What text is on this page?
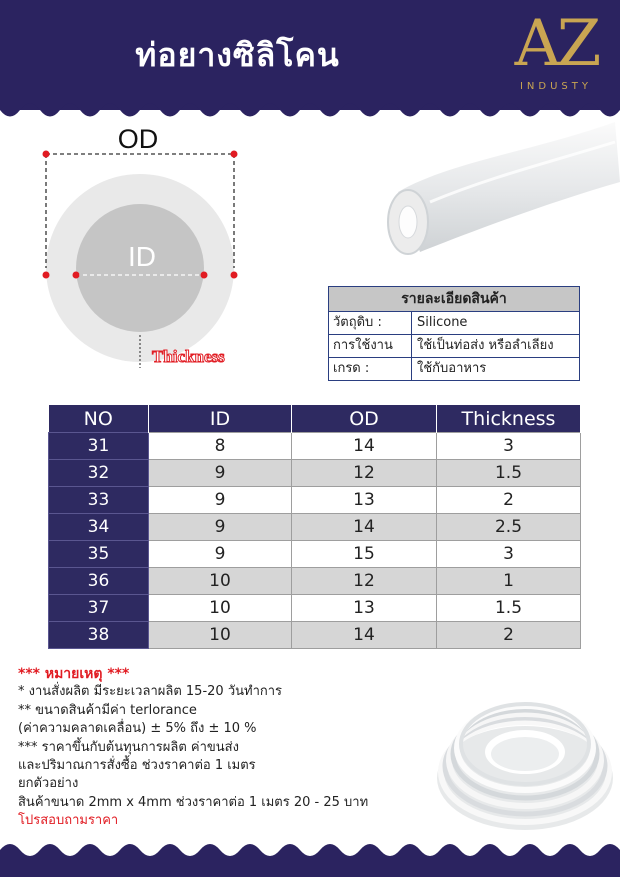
ท่อยางซิลิโคน	AZ
INDUSTY
OD
ID
Thickness
รายละเอียดสินค้า
วัตถุดิบ :	Silicone
การใช้งาน	ใช้เป็นท่อส่ง หรือลำเลียง
เกรด :	ใช้กับอาหาร
NO	ID	OD	Thickness
31	8	14	3
32	9	12	1.5
33	9	13	2
34	9	14	2.5
35	9	15	3
36	10	12	1
37	10	13	1.5
38	10	14	2
*** หมายเหตุ ***
* งานสั่งผลิต มีระยะเวลาผลิต 15-20 วันทำการ
** ขนาดสินค้ามีค่า terlorance
(ค่าความคลาดเคลื่อน) ± 5% ถึง ± 10 %
*** ราคาขึ้นกับต้นทุนการผลิต ค่าขนส่ง
และปริมาณการสั่งซื้อ ช่วงราคาต่อ 1 เมตร
ยกตัวอย่าง
สินค้าขนาด 2mm x 4mm ช่วงราคาต่อ 1 เมตร 20 - 25 บาท
โปรสอบถามราคา
